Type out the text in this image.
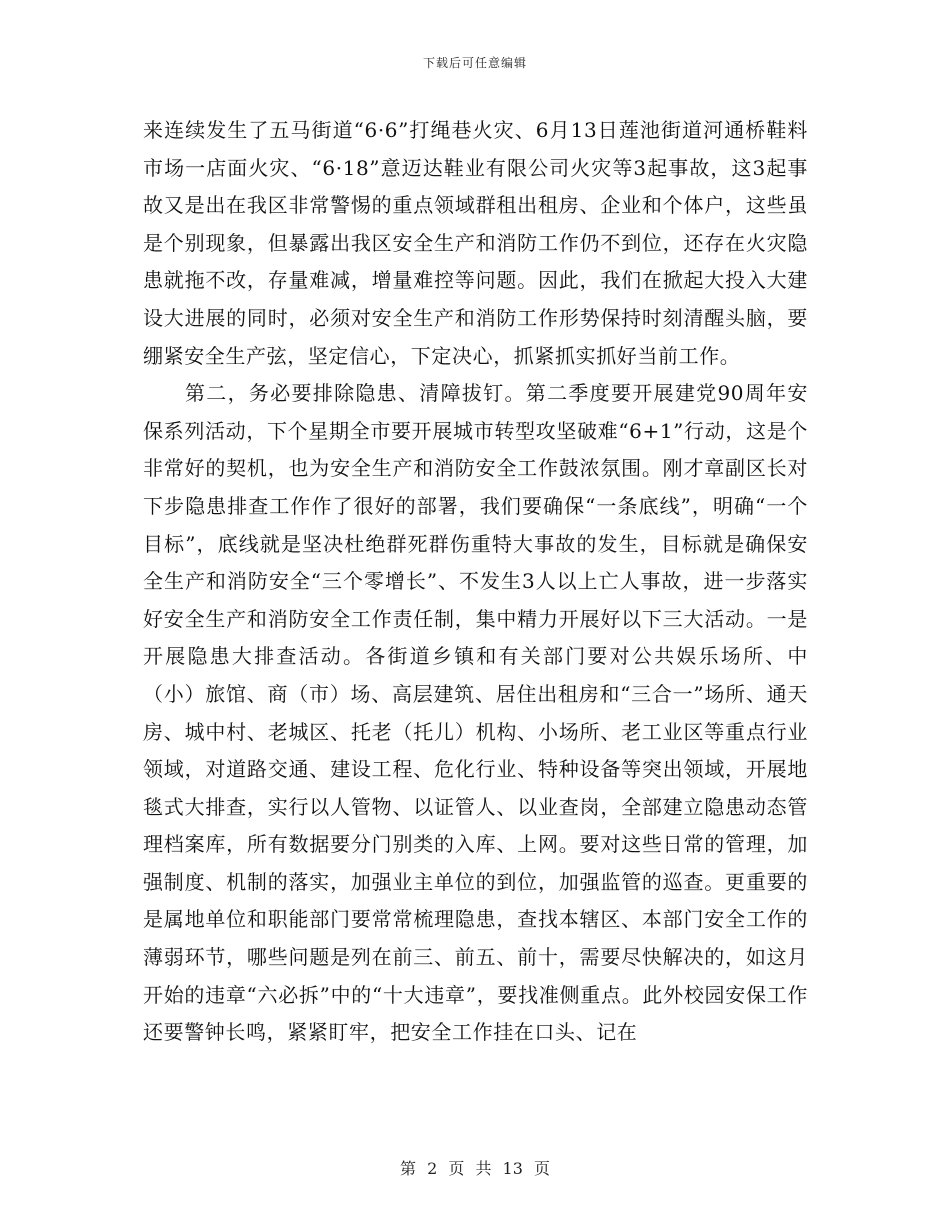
下载后可任意编辑

来连续发生了五马街道“6·6”打绳巷火灾、6月13日莲池街道河通桥鞋料市场一店面火灾、“6·18”意迈达鞋业有限公司火灾等3起事故，这3起事故又是出在我区非常警惕的重点领域群租出租房、企业和个体户，这些虽是个别现象，但暴露出我区安全生产和消防工作仍不到位，还存在火灾隐患就拖不改，存量难减，增量难控等问题。因此，我们在掀起大投入大建设大进展的同时，必须对安全生产和消防工作形势保持时刻清醒头脑，要绷紧安全生产弦，坚定信心，下定决心，抓紧抓实抓好当前工作。

第二，务必要排除隐患、清障拔钉。第二季度要开展建党90周年安保系列活动，下个星期全市要开展城市转型攻坚破难“6+1”行动，这是个非常好的契机，也为安全生产和消防安全工作鼓浓氛围。刚才章副区长对下步隐患排查工作作了很好的部署，我们要确保“一条底线”，明确“一个目标”，底线就是坚决杜绝群死群伤重特大事故的发生，目标就是确保安全生产和消防安全“三个零增长”、不发生3人以上亡人事故，进一步落实好安全生产和消防安全工作责任制，集中精力开展好以下三大活动。一是开展隐患大排查活动。各街道乡镇和有关部门要对公共娱乐场所、中（小）旅馆、商（市）场、高层建筑、居住出租房和“三合一”场所、通天房、城中村、老城区、托老（托儿）机构、小场所、老工业区等重点行业领域，对道路交通、建设工程、危化行业、特种设备等突出领域，开展地毯式大排查，实行以人管物、以证管人、以业查岗，全部建立隐患动态管理档案库，所有数据要分门别类的入库、上网。要对这些日常的管理，加强制度、机制的落实，加强业主单位的到位，加强监管的巡查。更重要的是属地单位和职能部门要常常梳理隐患，查找本辖区、本部门安全工作的薄弱环节，哪些问题是列在前三、前五、前十，需要尽快解决的，如这月开始的违章“六必拆”中的“十大违章”，要找准侧重点。此外校园安保工作还要警钟长鸣，紧紧盯牢，把安全工作挂在口头、记在

第 2 页 共 13 页
